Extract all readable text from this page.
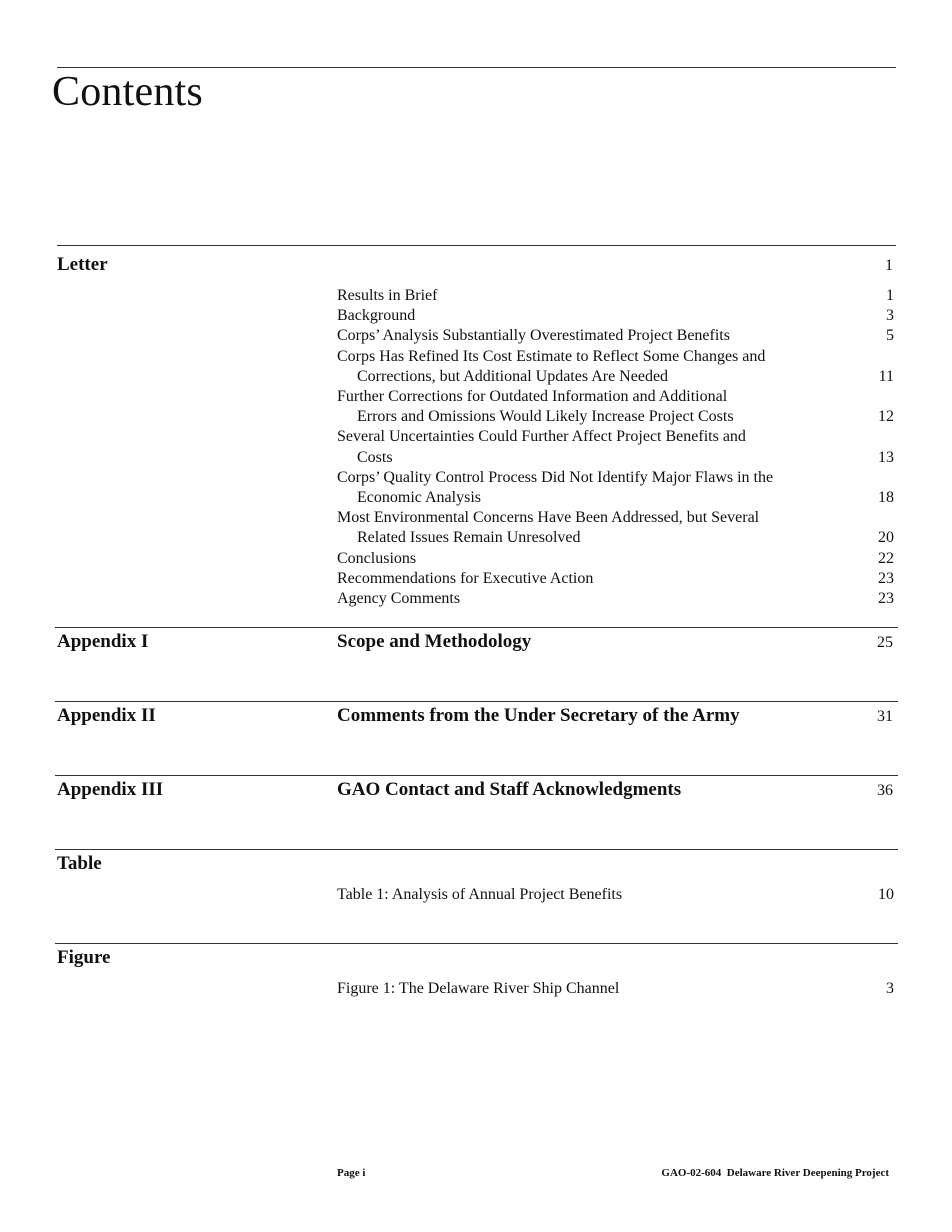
Contents
Letter	1
Results in Brief	1
Background	3
Corps’ Analysis Substantially Overestimated Project Benefits	5
Corps Has Refined Its Cost Estimate to Reflect Some Changes and
Corrections, but Additional Updates Are Needed	11
Further Corrections for Outdated Information and Additional
Errors and Omissions Would Likely Increase Project Costs	12
Several Uncertainties Could Further Affect Project Benefits and
Costs	13
Corps’ Quality Control Process Did Not Identify Major Flaws in the
Economic Analysis	18
Most Environmental Concerns Have Been Addressed, but Several
Related Issues Remain Unresolved	20
Conclusions	22
Recommendations for Executive Action	23
Agency Comments	23
Appendix I	Scope and Methodology	25
Appendix II	Comments from the Under Secretary of the Army	31
Appendix III	GAO Contact and Staff Acknowledgments	36
Table
Table 1: Analysis of Annual Project Benefits	10
Figure
Figure 1: The Delaware River Ship Channel	3
Page i	GAO-02-604  Delaware River Deepening Project
